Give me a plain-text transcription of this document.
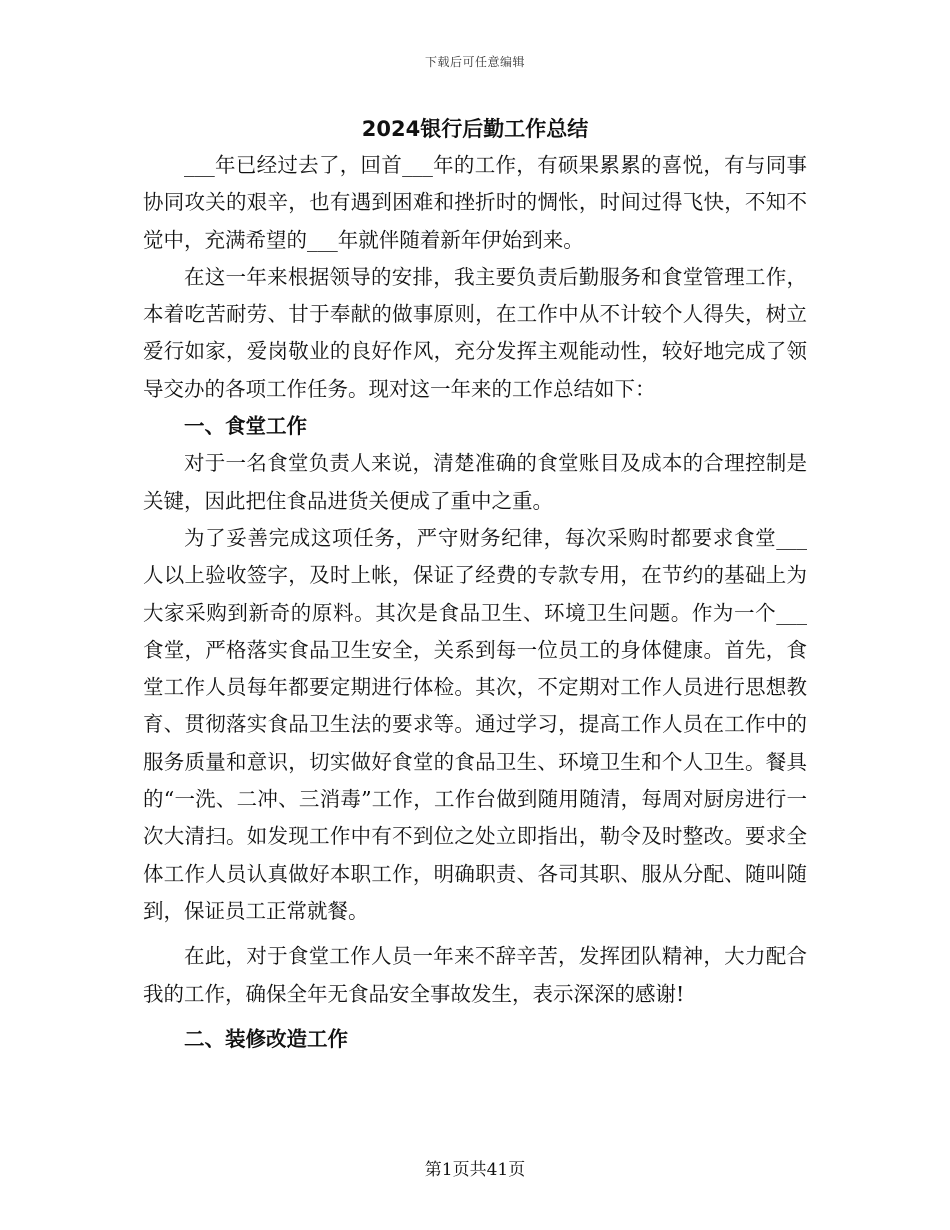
下载后可任意编辑
2024银行后勤工作总结

___年已经过去了，回首___年的工作，有硕果累累的喜悦，有与同事协同攻关的艰辛，也有遇到困难和挫折时的惆怅，时间过得飞快，不知不觉中，充满希望的___年就伴随着新年伊始到来。

在这一年来根据领导的安排，我主要负责后勤服务和食堂管理工作，本着吃苦耐劳、甘于奉献的做事原则，在工作中从不计较个人得失，树立爱行如家，爱岗敬业的良好作风，充分发挥主观能动性，较好地完成了领导交办的各项工作任务。现对这一年来的工作总结如下：

一、食堂工作

对于一名食堂负责人来说，清楚准确的食堂账目及成本的合理控制是关键，因此把住食品进货关便成了重中之重。

为了妥善完成这项任务，严守财务纪律，每次采购时都要求食堂___人以上验收签字，及时上帐，保证了经费的专款专用，在节约的基础上为大家采购到新奇的原料。其次是食品卫生、环境卫生问题。作为一个___食堂，严格落实食品卫生安全，关系到每一位员工的身体健康。首先，食堂工作人员每年都要定期进行体检。其次，不定期对工作人员进行思想教育、贯彻落实食品卫生法的要求等。通过学习，提高工作人员在工作中的服务质量和意识，切实做好食堂的食品卫生、环境卫生和个人卫生。餐具的“一洗、二冲、三消毒”工作，工作台做到随用随清，每周对厨房进行一次大清扫。如发现工作中有不到位之处立即指出，勒令及时整改。要求全体工作人员认真做好本职工作，明确职责、各司其职、服从分配、随叫随到，保证员工正常就餐。

在此，对于食堂工作人员一年来不辞辛苦，发挥团队精神，大力配合我的工作，确保全年无食品安全事故发生，表示深深的感谢!

二、装修改造工作

第1页共41页
